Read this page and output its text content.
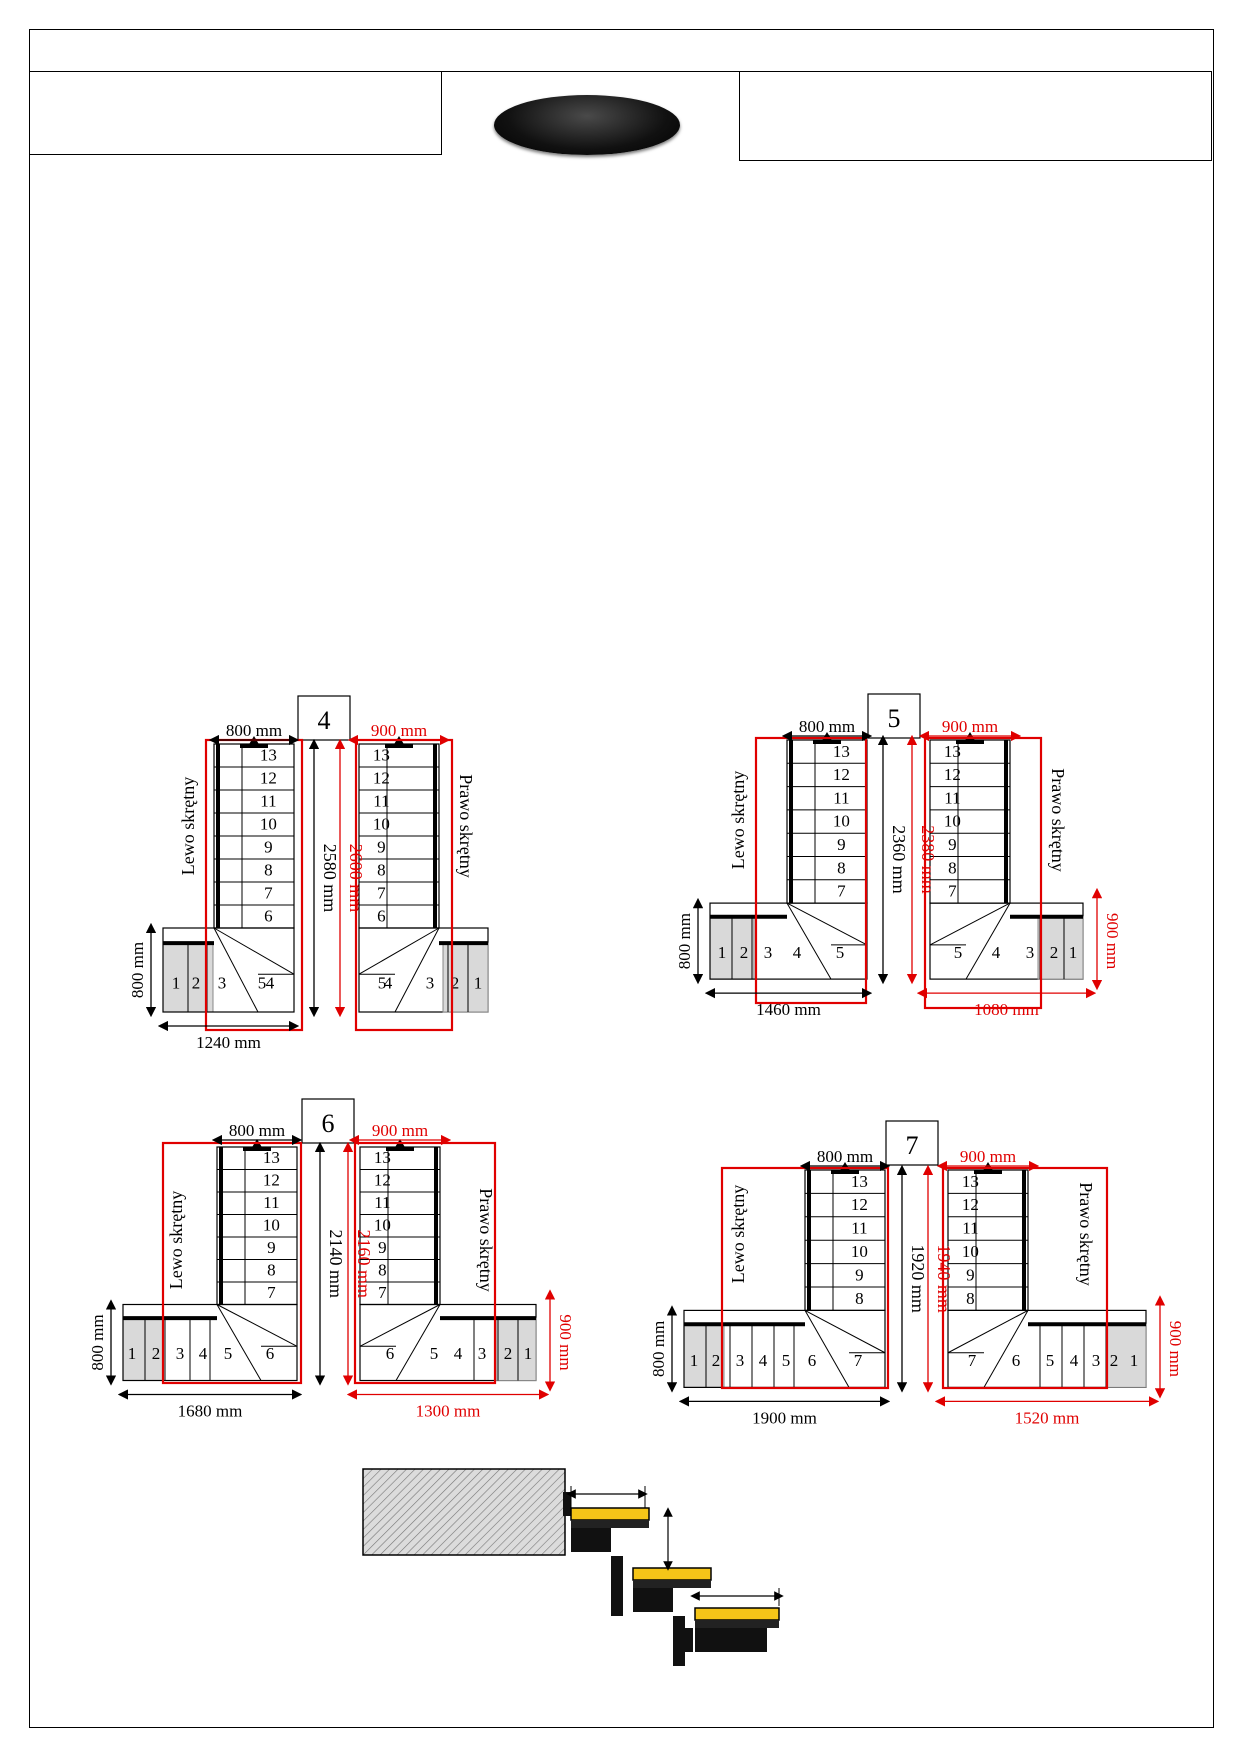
4
13
12
11
10
9
8
7
6
13
12
11
10
9
8
7
6
1 2 3 4
5	4 3 2 1
5
800 mm	900 mm
2580 mm 2600 mm
Lewo skrętny	Prawo skrętny
800 mm
1240 mm
5
13
12
11
10
9
8
7
13
12
11
10
9
8
7
1 2 3 4 5	5 4 3 2 1
800 mm	900 mm
2360 mm 2380 mm
Lewo skrętny	Prawo skrętny
800 mm	900 mm
1460 mm	1080 mm
6
13
12
11
10
9
8
7
13
12
11
10
9
8
7
1 2 3 4 5 6	6 5 4 3 2 1
800 mm	900 mm
2140 mm 2160 mm
Lewo skrętny	Prawo skrętny
800 mm	900 mm
1680 mm	1300 mm
7
13
12
11
10
9
8
13
12
11
10
9
8
1 2 3 4 5 6 7	7 6 5 4 3 2 1
800 mm	900 mm
1920 mm 1940 mm
Lewo skrętny	Prawo skrętny
800 mm	900 mm
1900 mm	1520 mm
